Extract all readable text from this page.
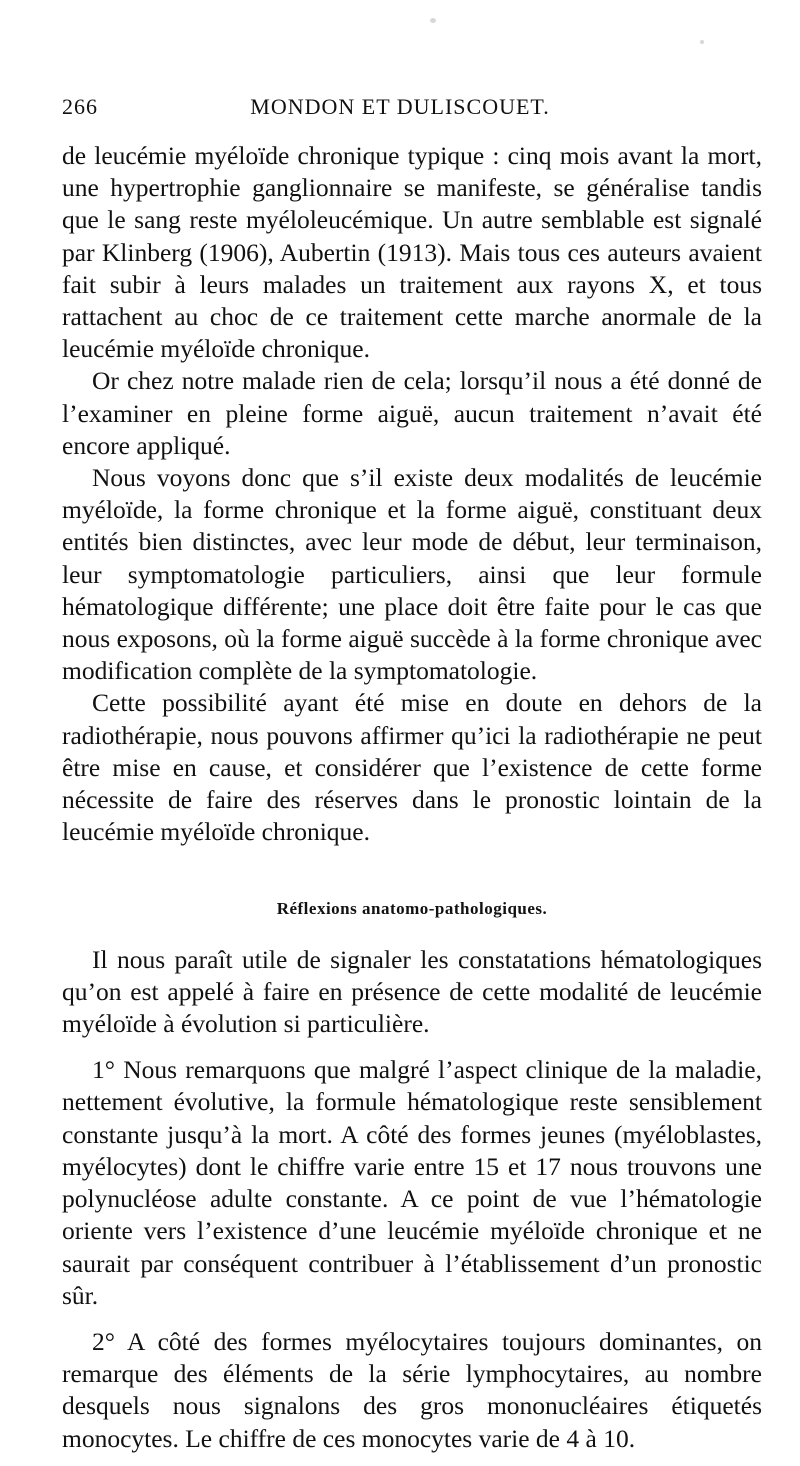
266	MONDON ET DULISCOUET.

de leucémie myéloïde chronique typique : cinq mois avant la mort, une hypertrophie ganglionnaire se manifeste, se généralise tandis que le sang reste myéloleucémique. Un autre semblable est signalé par Klinberg (1906), Aubertin (1913). Mais tous ces auteurs avaient fait subir à leurs malades un traitement aux rayons X, et tous rattachent au choc de ce traitement cette marche anormale de la leucémie myéloïde chronique.

Or chez notre malade rien de cela; lorsqu’il nous a été donné de l’examiner en pleine forme aiguë, aucun traitement n’avait été encore appliqué.

Nous voyons donc que s’il existe deux modalités de leucémie myéloïde, la forme chronique et la forme aiguë, constituant deux entités bien distinctes, avec leur mode de début, leur terminaison, leur symptomatologie particuliers, ainsi que leur formule hématologique différente; une place doit être faite pour le cas que nous exposons, où la forme aiguë succède à la forme chronique avec modification complète de la symptomatologie.

Cette possibilité ayant été mise en doute en dehors de la radiothérapie, nous pouvons affirmer qu’ici la radiothérapie ne peut être mise en cause, et considérer que l’existence de cette forme nécessite de faire des réserves dans le pronostic lointain de la leucémie myéloïde chronique.

Réflexions anatomo-pathologiques.

Il nous paraît utile de signaler les constatations hématologiques qu’on est appelé à faire en présence de cette modalité de leucémie myéloïde à évolution si particulière.

1° Nous remarquons que malgré l’aspect clinique de la maladie, nettement évolutive, la formule hématologique reste sensiblement constante jusqu’à la mort. A côté des formes jeunes (myéloblastes, myélocytes) dont le chiffre varie entre 15 et 17 nous trouvons une polynucléose adulte constante. A ce point de vue l’hématologie oriente vers l’existence d’une leucémie myéloïde chronique et ne saurait par conséquent contribuer à l’établissement d’un pronostic sûr.

2° A côté des formes myélocytaires toujours dominantes, on remarque des éléments de la série lymphocytaires, au nombre desquels nous signalons des gros mononucléaires étiquetés monocytes. Le chiffre de ces monocytes varie de 4 à 10.
